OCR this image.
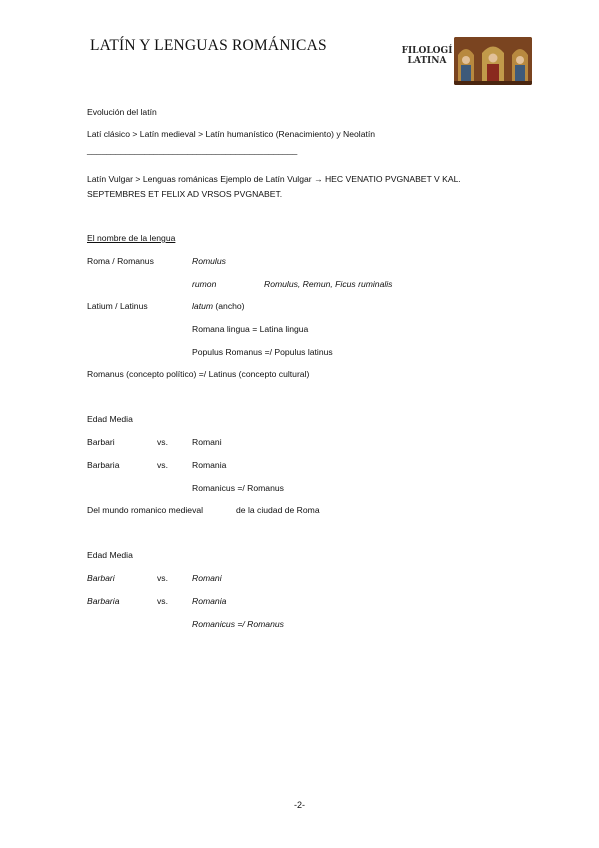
LATÍN Y LENGUAS ROMÁNICAS	FILOLOGÍ
LATINA
Evolución del latín
Latí clásico > Latín medieval > Latín humanístico (Renacimiento) y Neolatín
____________________________________________
Latín Vulgar > Lenguas románicas Ejemplo de Latín Vulgar → HEC VENATIO PVGNABET V KAL.
SEPTEMBRES ET FELIX AD VRSOS PVGNABET.
El nombre de la lengua
Roma / Romanus	Romulus
rumon	Romulus, Remun, Ficus ruminalis
Latium / Latinus	latum (ancho)
Romana lingua = Latina lingua
Populus Romanus =/ Populus latinus
Romanus (concepto político) =/ Latinus (concepto cultural)
Edad Media
Barbari	vs.	Romani
Barbaria	vs.	Romania
Romanicus =/ Romanus
Del mundo romanico medieval	de la ciudad de Roma
Edad Media
Barbari	vs.	Romani
Barbaria	vs.	Romania
Romanicus =/ Romanus
-2-
